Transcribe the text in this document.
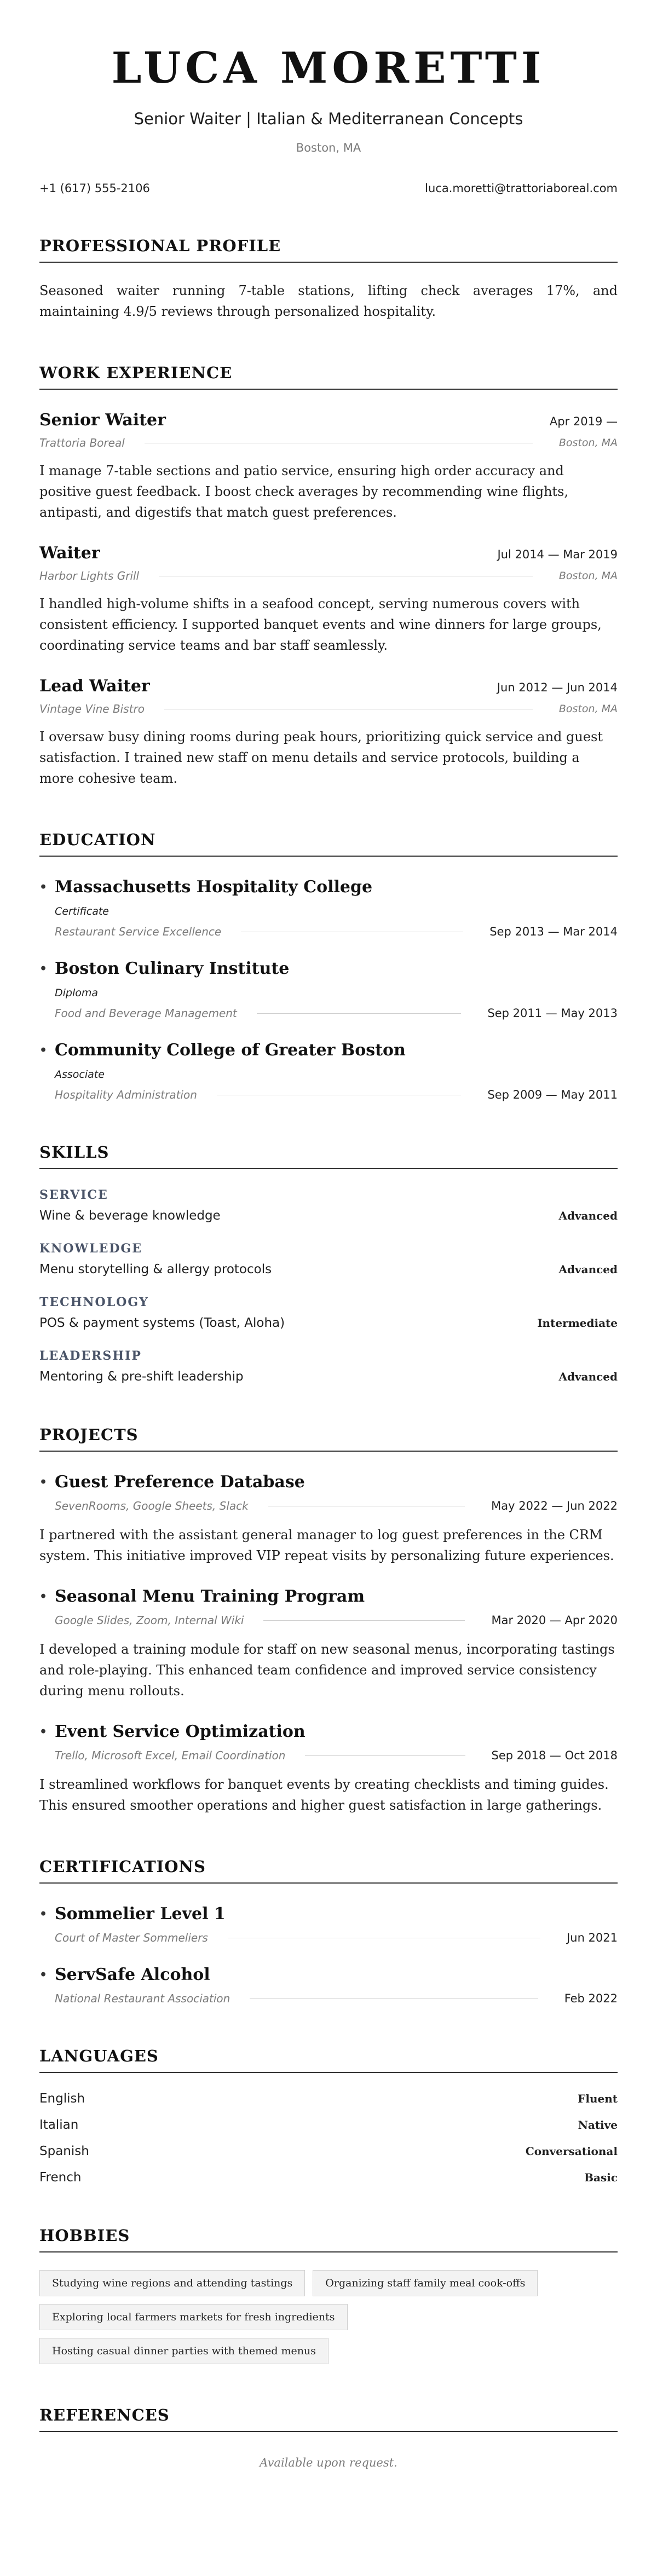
LUCA MORETTI
Senior Waiter | Italian & Mediterranean Concepts
Boston, MA
+1 (617) 555-2106	luca.moretti@trattoriaboreal.com
PROFESSIONAL PROFILE

Seasoned waiter running 7-table stations, lifting check averages 17%, and maintaining 4.9/5 reviews through personalized hospitality.

WORK EXPERIENCE
Senior Waiter	Apr 2019 —
Trattoria Boreal	Boston, MA

I manage 7-table sections and patio service, ensuring high order accuracy and positive guest feedback. I boost check averages by recommending wine flights, antipasti, and digestifs that match guest preferences.

Waiter	Jul 2014 — Mar 2019
Harbor Lights Grill	Boston, MA

I handled high-volume shifts in a seafood concept, serving numerous covers with consistent efficiency. I supported banquet events and wine dinners for large groups, coordinating service teams and bar staff seamlessly.

Lead Waiter	Jun 2012 — Jun 2014
Vintage Vine Bistro	Boston, MA

I oversaw busy dining rooms during peak hours, prioritizing quick service and guest satisfaction. I trained new staff on menu details and service protocols, building a more cohesive team.

EDUCATION
• Massachusetts Hospitality College
Certificate
Restaurant Service Excellence	Sep 2013 — Mar 2014
• Boston Culinary Institute
Diploma
Food and Beverage Management	Sep 2011 — May 2013
• Community College of Greater Boston
Associate
Hospitality Administration	Sep 2009 — May 2011
SKILLS
SERVICE
Wine & beverage knowledge	Advanced
KNOWLEDGE
Menu storytelling & allergy protocols	Advanced
TECHNOLOGY
POS & payment systems (Toast, Aloha)	Intermediate
LEADERSHIP
Mentoring & pre-shift leadership	Advanced
PROJECTS
• Guest Preference Database
SevenRooms, Google Sheets, Slack	May 2022 — Jun 2022

I partnered with the assistant general manager to log guest preferences in the CRM system. This initiative improved VIP repeat visits by personalizing future experiences.

• Seasonal Menu Training Program
Google Slides, Zoom, Internal Wiki	Mar 2020 — Apr 2020

I developed a training module for staff on new seasonal menus, incorporating tastings and role-playing. This enhanced team confidence and improved service consistency during menu rollouts.

• Event Service Optimization
Trello, Microsoft Excel, Email Coordination	Sep 2018 — Oct 2018

I streamlined workflows for banquet events by creating checklists and timing guides. This ensured smoother operations and higher guest satisfaction in large gatherings.

CERTIFICATIONS
• Sommelier Level 1
Court of Master Sommeliers	Jun 2021
• ServSafe Alcohol
National Restaurant Association	Feb 2022
LANGUAGES
English	Fluent
Italian	Native
Spanish	Conversational
French	Basic
HOBBIES
Studying wine regions and attending tastings	Organizing staff family meal cook-offs
Exploring local farmers markets for fresh ingredients
Hosting casual dinner parties with themed menus
REFERENCES

Available upon request.
